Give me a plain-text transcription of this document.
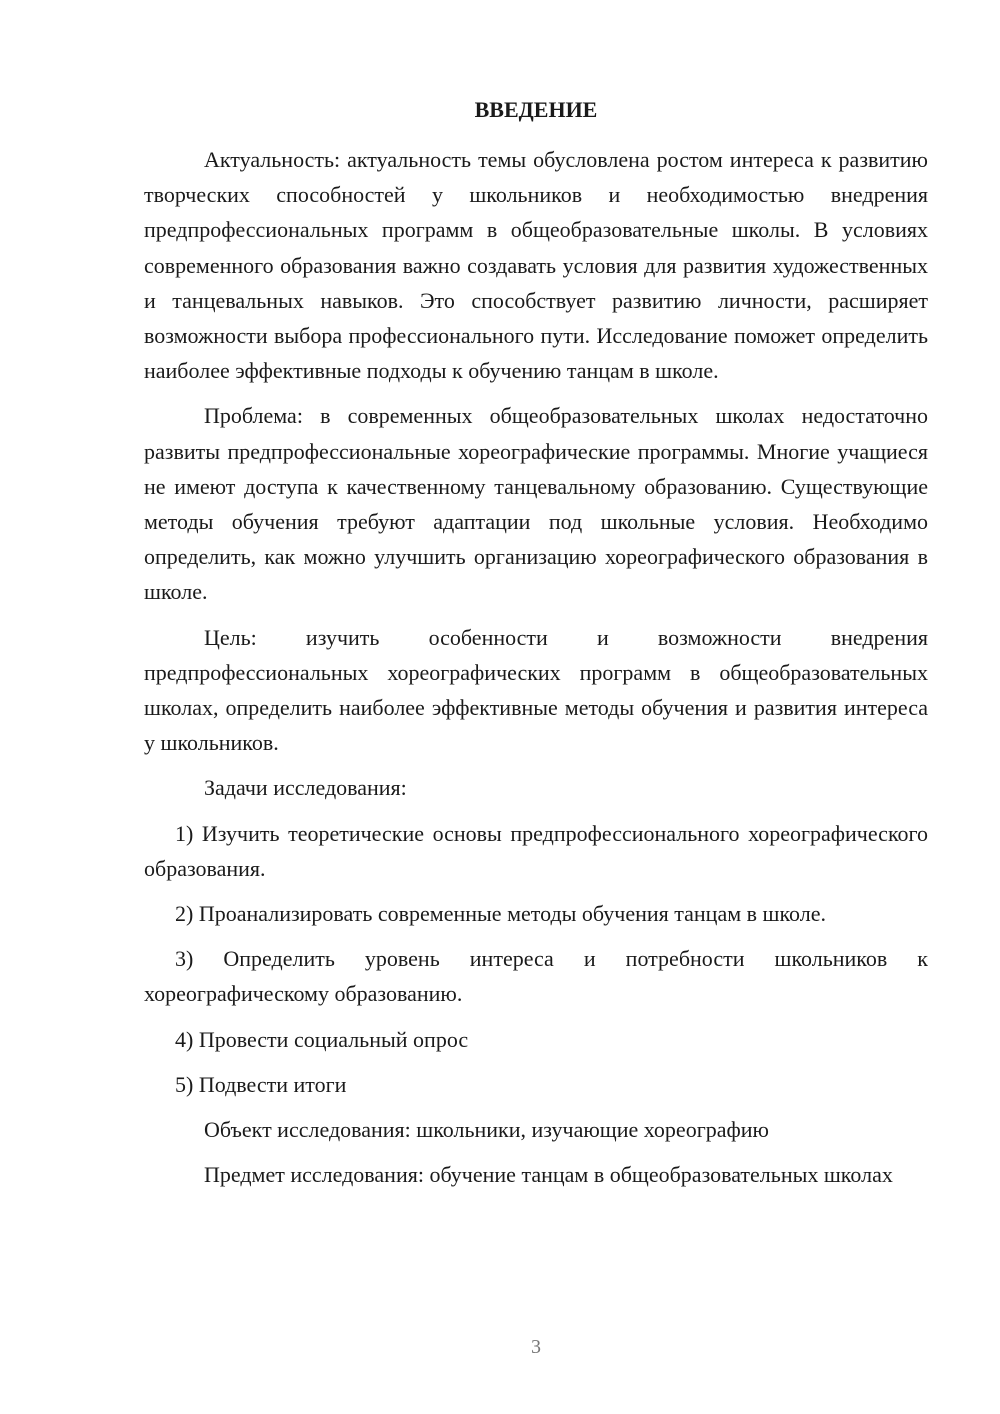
ВВЕДЕНИЕ

Актуальность: актуальность темы обусловлена ростом интереса к развитию творческих способностей у школьников и необходимостью внедрения предпрофессиональных программ в общеобразовательные школы. В условиях современного образования важно создавать условия для развития художественных и танцевальных навыков. Это способствует развитию личности, расширяет возможности выбора профессионального пути. Исследование поможет определить наиболее эффективные подходы к обучению танцам в школе.

Проблема: в современных общеобразовательных школах недостаточно развиты предпрофессиональные хореографические программы. Многие учащиеся не имеют доступа к качественному танцевальному образованию. Существующие методы обучения требуют адаптации под школьные условия. Необходимо определить, как можно улучшить организацию хореографического образования в школе.

Цель: изучить особенности и возможности внедрения предпрофессиональных хореографических программ в общеобразовательных школах, определить наиболее эффективные методы обучения и развития интереса у школьников.

Задачи исследования:

1) Изучить теоретические основы предпрофессионального хореографического образования.

2) Проанализировать современные методы обучения танцам в школе.

3) Определить уровень интереса и потребности школьников к хореографическому образованию.

4) Провести социальный опрос

5) Подвести итоги

Объект исследования: школьники, изучающие хореографию

Предмет исследования: обучение танцам в общеобразовательных школах

3
